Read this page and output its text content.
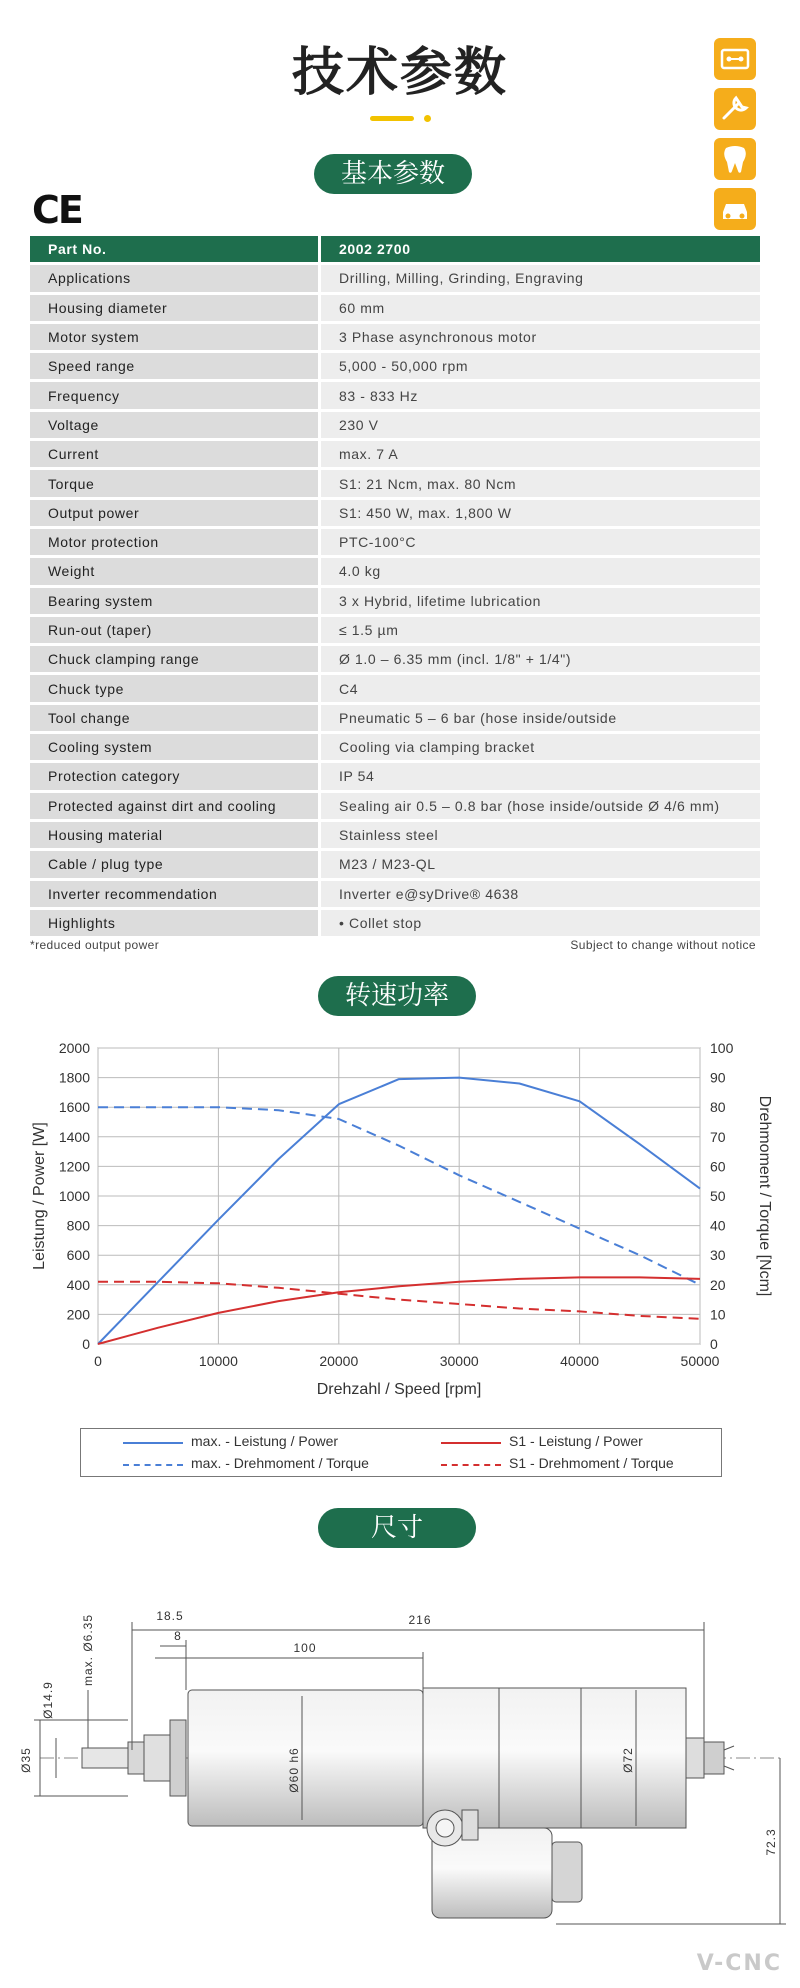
技术参数
基本参数
CE
Part No.	2002 2700
Applications	Drilling, Milling, Grinding, Engraving
Housing diameter	60 mm
Motor system	3 Phase asynchronous motor
Speed range	5,000 - 50,000 rpm
Frequency	83 - 833 Hz
Voltage	230 V
Current	max. 7 A
Torque	S1: 21 Ncm, max. 80 Ncm
Output power	S1: 450 W, max. 1,800 W
Motor protection	PTC-100°C
Weight	4.0 kg
Bearing system	3 x Hybrid, lifetime lubrication
Run-out (taper)	≤ 1.5 µm
Chuck clamping range	Ø 1.0 – 6.35 mm (incl. 1/8" + 1/4")
Chuck type	C4
Tool change	Pneumatic 5 – 6 bar (hose inside/outside
Cooling system	Cooling via clamping bracket
Protection category	IP 54
Protected against dirt and cooling	Sealing air 0.5 – 0.8 bar (hose inside/outside Ø 4/6 mm)
Housing material	Stainless steel
Cable / plug type	M23 / M23-QL
Inverter recommendation	Inverter e@syDrive® 4638
Highlights	• Collet stop
*reduced output power	Subject to change without notice
转速功率
0
200
400
600
800
1000
1200
1400
1600
1800
2000
0
10
20
30
40
50
60
70
80
90
100
0	10000	20000	30000	40000	50000
Drehzahl / Speed [rpm]
Leistung / Power [W]	Drehmoment / Torque [Ncm]
max. - Leistung / Power
max. - Drehmoment / Torque
S1 - Leistung / Power
S1 - Drehmoment / Torque
尺寸
216
18.5
8
100
Ø60 h6	Ø72
Ø14.9
max. Ø6.35
Ø35
72.3
V-CNC
